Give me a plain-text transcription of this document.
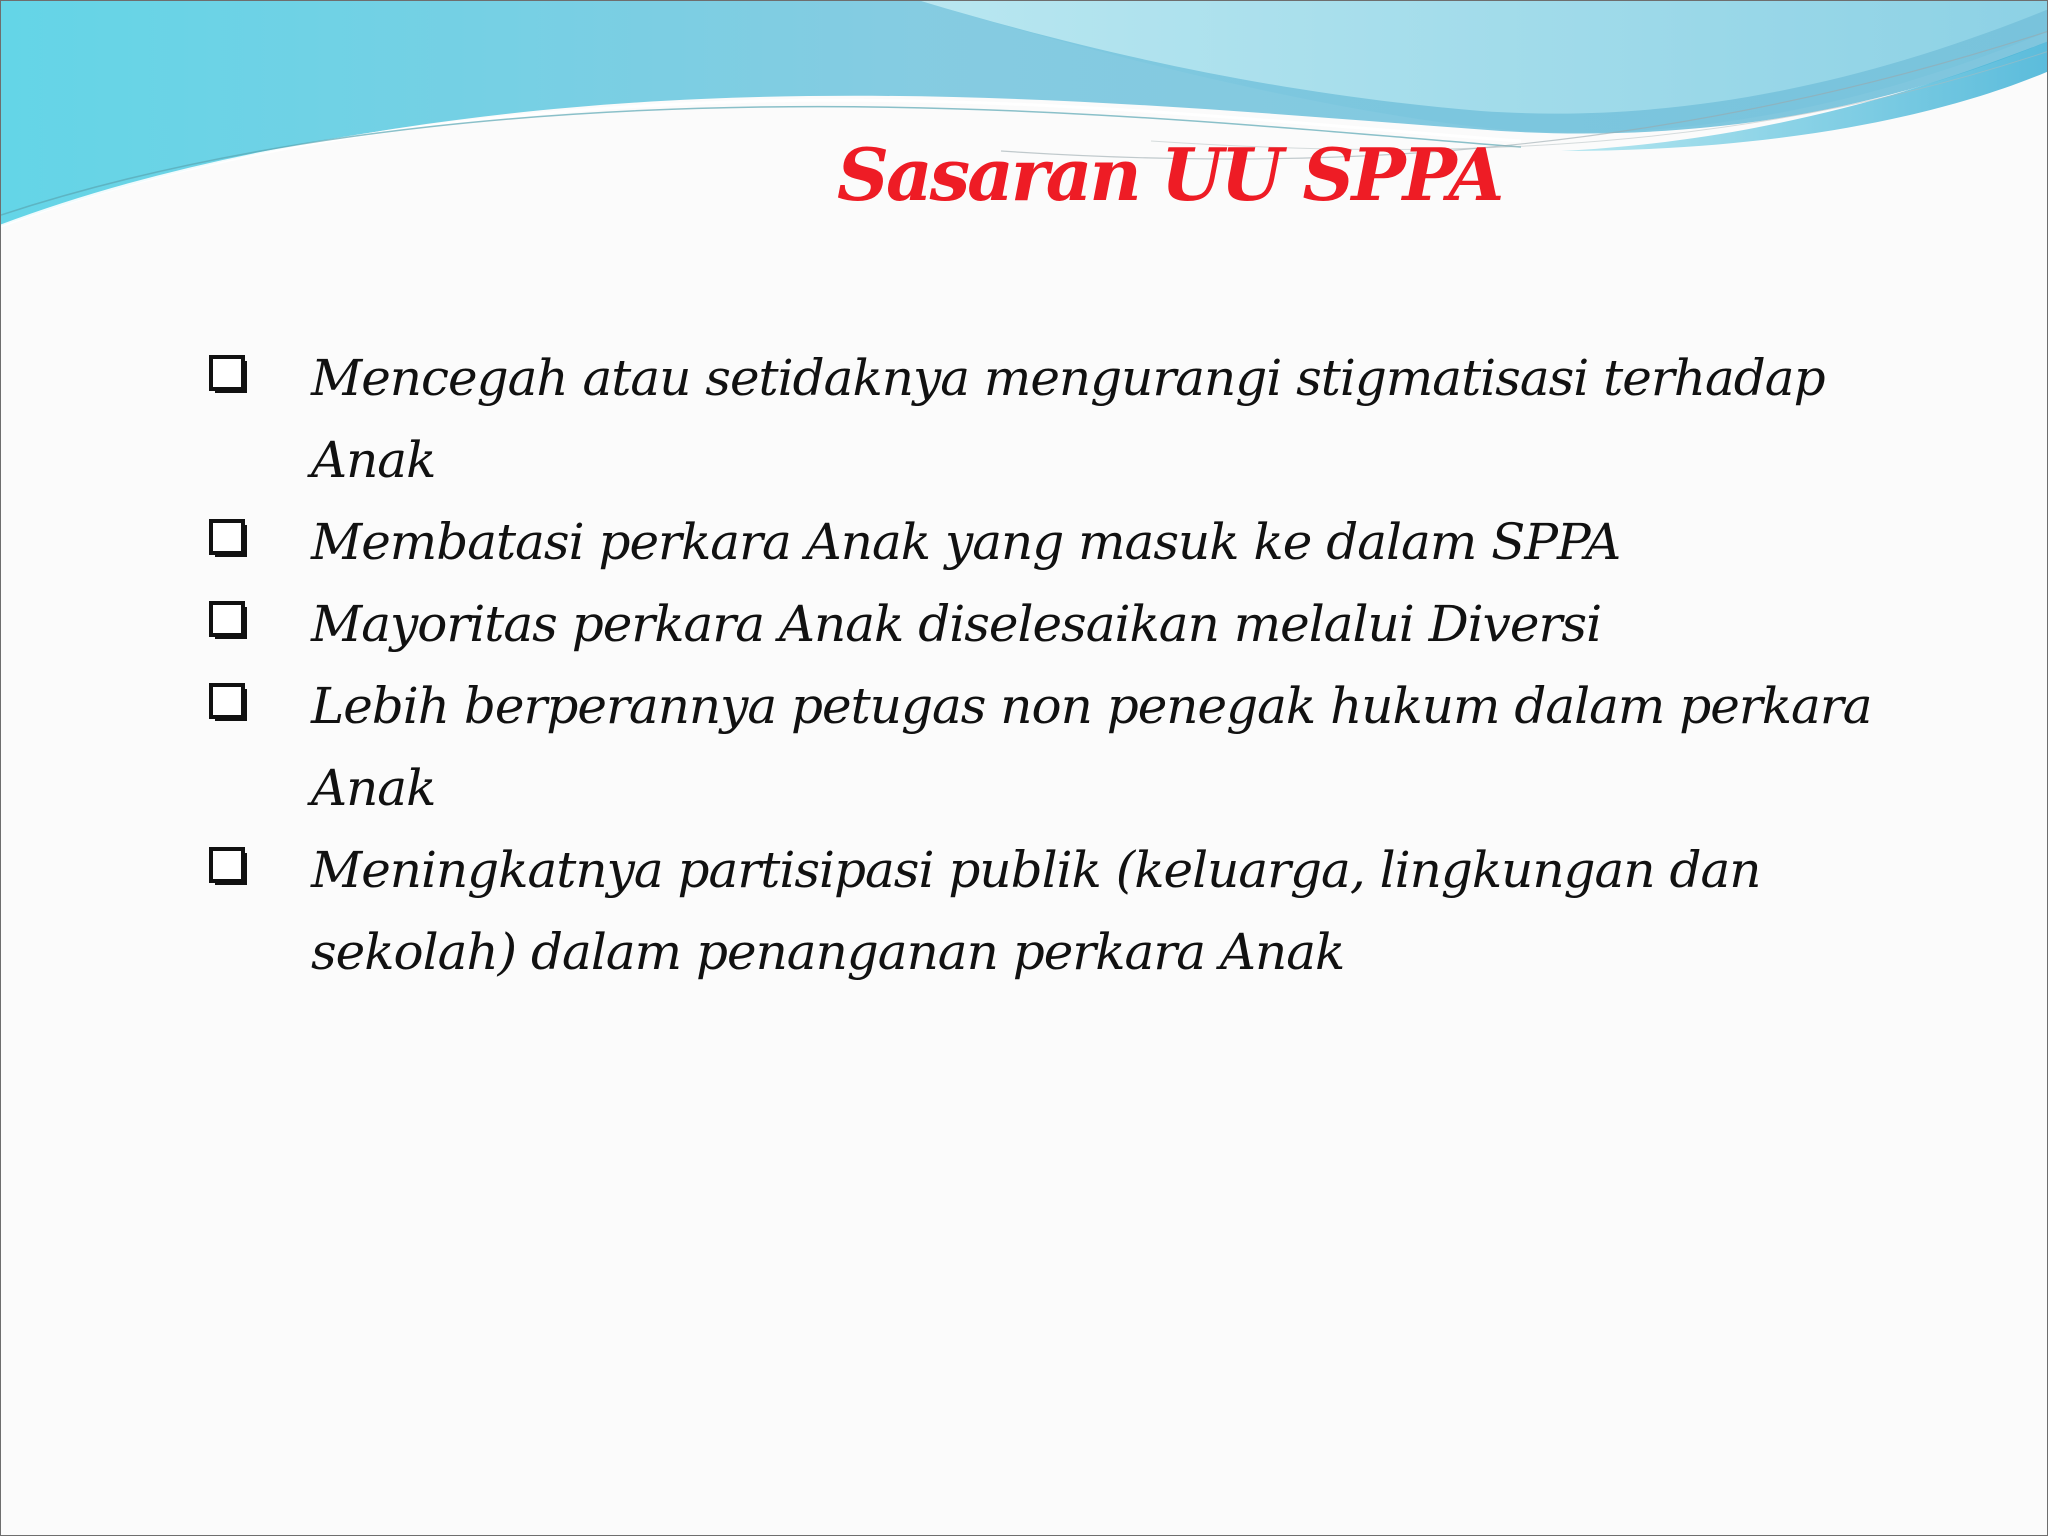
Sasaran UU SPPA
Mencegah atau setidaknya mengurangi stigmatisasi terhadap Anak
Membatasi perkara Anak yang masuk ke dalam SPPA
Mayoritas perkara Anak diselesaikan melalui Diversi
Lebih berperannya petugas non penegak hukum dalam perkara Anak
Meningkatnya partisipasi publik (keluarga, lingkungan dan sekolah) dalam penanganan perkara Anak
